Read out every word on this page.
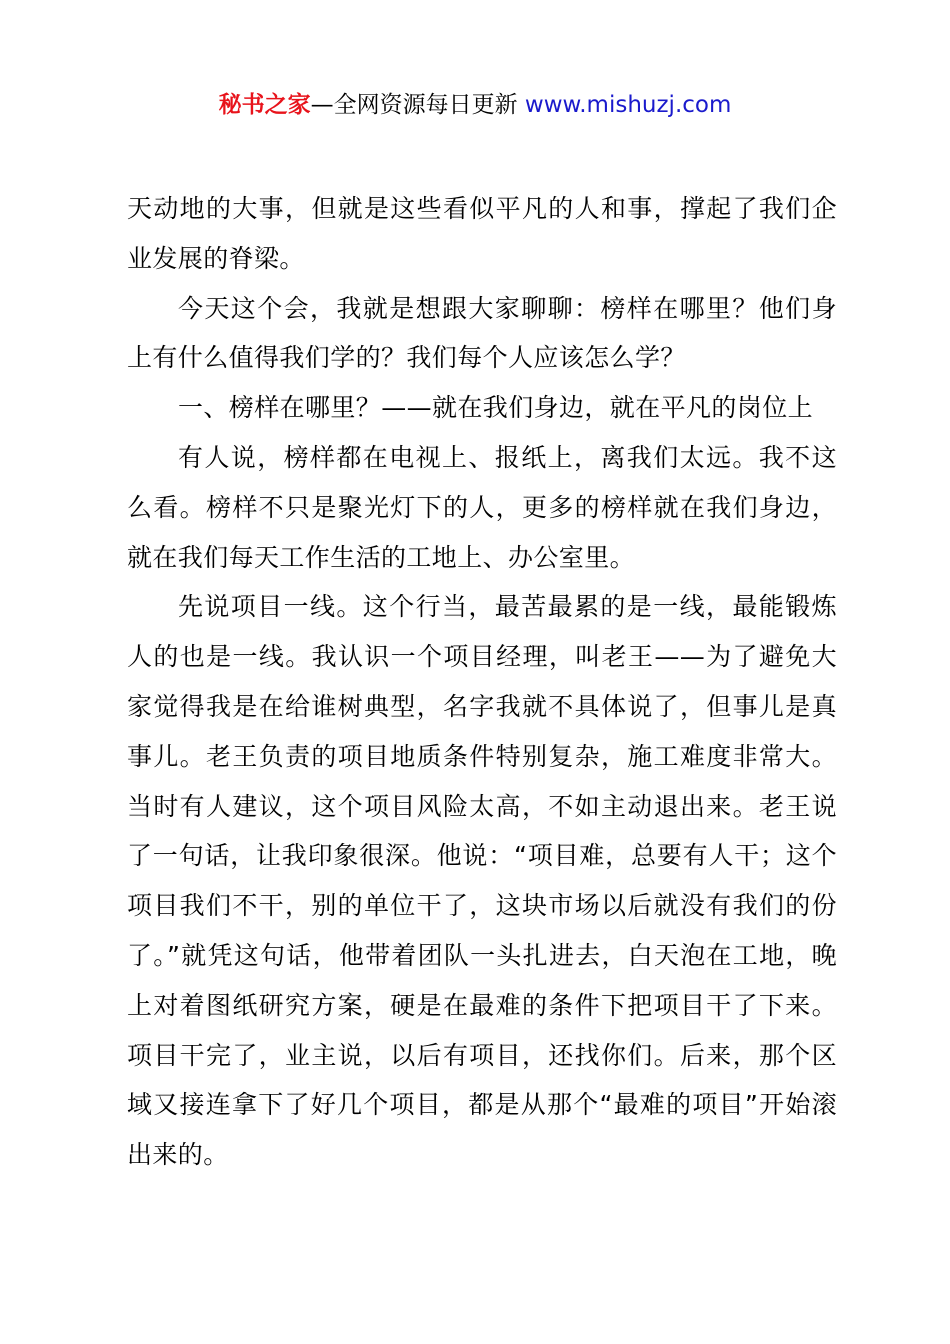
秘书之家—全网资源每日更新 www.mishuzj.com

天动地的大事，但就是这些看似平凡的人和事，撑起了我们企业发展的脊梁。

今天这个会，我就是想跟大家聊聊：榜样在哪里？他们身上有什么值得我们学的？我们每个人应该怎么学？

一、榜样在哪里？——就在我们身边，就在平凡的岗位上

有人说，榜样都在电视上、报纸上，离我们太远。我不这么看。榜样不只是聚光灯下的人，更多的榜样就在我们身边，就在我们每天工作生活的工地上、办公室里。

先说项目一线。这个行当，最苦最累的是一线，最能锻炼人的也是一线。我认识一个项目经理，叫老王——为了避免大家觉得我是在给谁树典型，名字我就不具体说了，但事儿是真事儿。老王负责的项目地质条件特别复杂，施工难度非常大。当时有人建议，这个项目风险太高，不如主动退出来。老王说了一句话，让我印象很深。他说：“项目难，总要有人干；这个项目我们不干，别的单位干了，这块市场以后就没有我们的份了。”就凭这句话，他带着团队一头扎进去，白天泡在工地，晚上对着图纸研究方案，硬是在最难的条件下把项目干了下来。项目干完了，业主说，以后有项目，还找你们。后来，那个区域又接连拿下了好几个项目，都是从那个“最难的项目”开始滚出来的。
